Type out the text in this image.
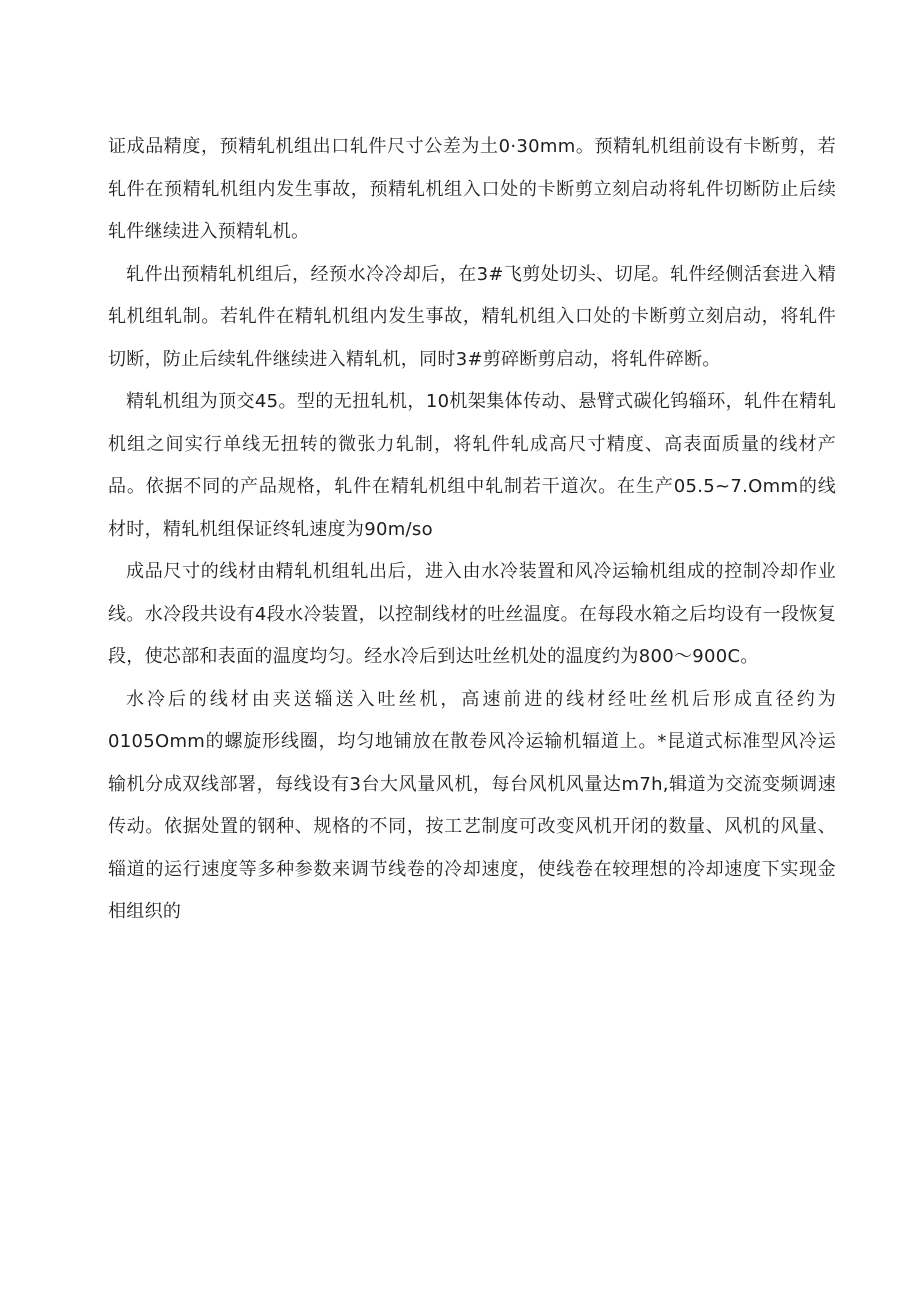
证成品精度，预精轧机组出口轧件尺寸公差为土0·30mm。预精轧机组前设有卡断剪，若轧件在预精轧机组内发生事故，预精轧机组入口处的卡断剪立刻启动将轧件切断防止后续轧件继续进入预精轧机。

轧件出预精轧机组后，经预水冷冷却后，在3#飞剪处切头、切尾。轧件经侧活套进入精轧机组轧制。若轧件在精轧机组内发生事故，精轧机组入口处的卡断剪立刻启动，将轧件切断，防止后续轧件继续进入精轧机，同时3#剪碎断剪启动，将轧件碎断。

精轧机组为顶交45。型的无扭轧机，10机架集体传动、悬臂式碳化钨辎环，轧件在精轧机组之间实行单线无扭转的微张力轧制，将轧件轧成高尺寸精度、高表面质量的线材产品。依据不同的产品规格，轧件在精轧机组中轧制若干道次。在生产05.5~7.Omm的线材时，精轧机组保证终轧速度为90m/so

成品尺寸的线材由精轧机组轧出后，进入由水冷装置和风冷运输机组成的控制冷却作业线。水冷段共设有4段水冷装置，以控制线材的吐丝温度。在每段水箱之后均设有一段恢复段，使芯部和表面的温度均匀。经水冷后到达吐丝机处的温度约为800～900C。

水冷后的线材由夹送辎送入吐丝机，高速前进的线材经吐丝机后形成直径约为0105Omm的螺旋形线圈，均匀地铺放在散卷风冷运输机辐道上。*昆道式标准型风冷运输机分成双线部署，每线设有3台大风量风机，每台风机风量达m7h,辑道为交流变频调速传动。依据处置的钢种、规格的不同，按工艺制度可改变风机开闭的数量、风机的风量、辎道的运行速度等多种参数来调节线卷的冷却速度，使线卷在较理想的冷却速度下实现金相组织的
